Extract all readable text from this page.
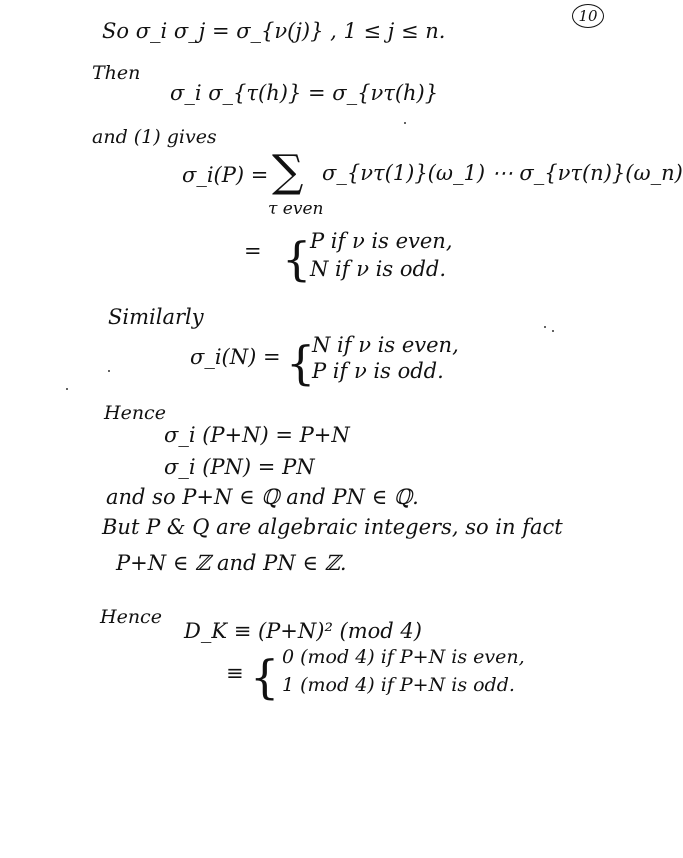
10
So σ_i σ_j = σ_{ν(j)} , 1 ≤ j ≤ n.
Then
σ_i σ_{τ(h)} = σ_{ντ(h)}
and (1) gives
σ_i(P) = ∑ σ_{ντ(1)}(ω_1) ⋯ σ_{ντ(n)}(ω_n)
τ even
= {
P if ν is even,
N if ν is odd.
Similarly
σ_i(N) = {
N if ν is even,
P if ν is odd.
Hence
σ_i (P+N) = P+N
σ_i (PN) = PN
and so P+N ∈ ℚ and PN ∈ ℚ.
But P & Q are algebraic integers, so in fact
P+N ∈ ℤ and PN ∈ ℤ.
Hence
D_K ≡ (P+N)² (mod 4)
≡ { 0 (mod 4) if P+N is even,
1 (mod 4) if P+N is odd.
